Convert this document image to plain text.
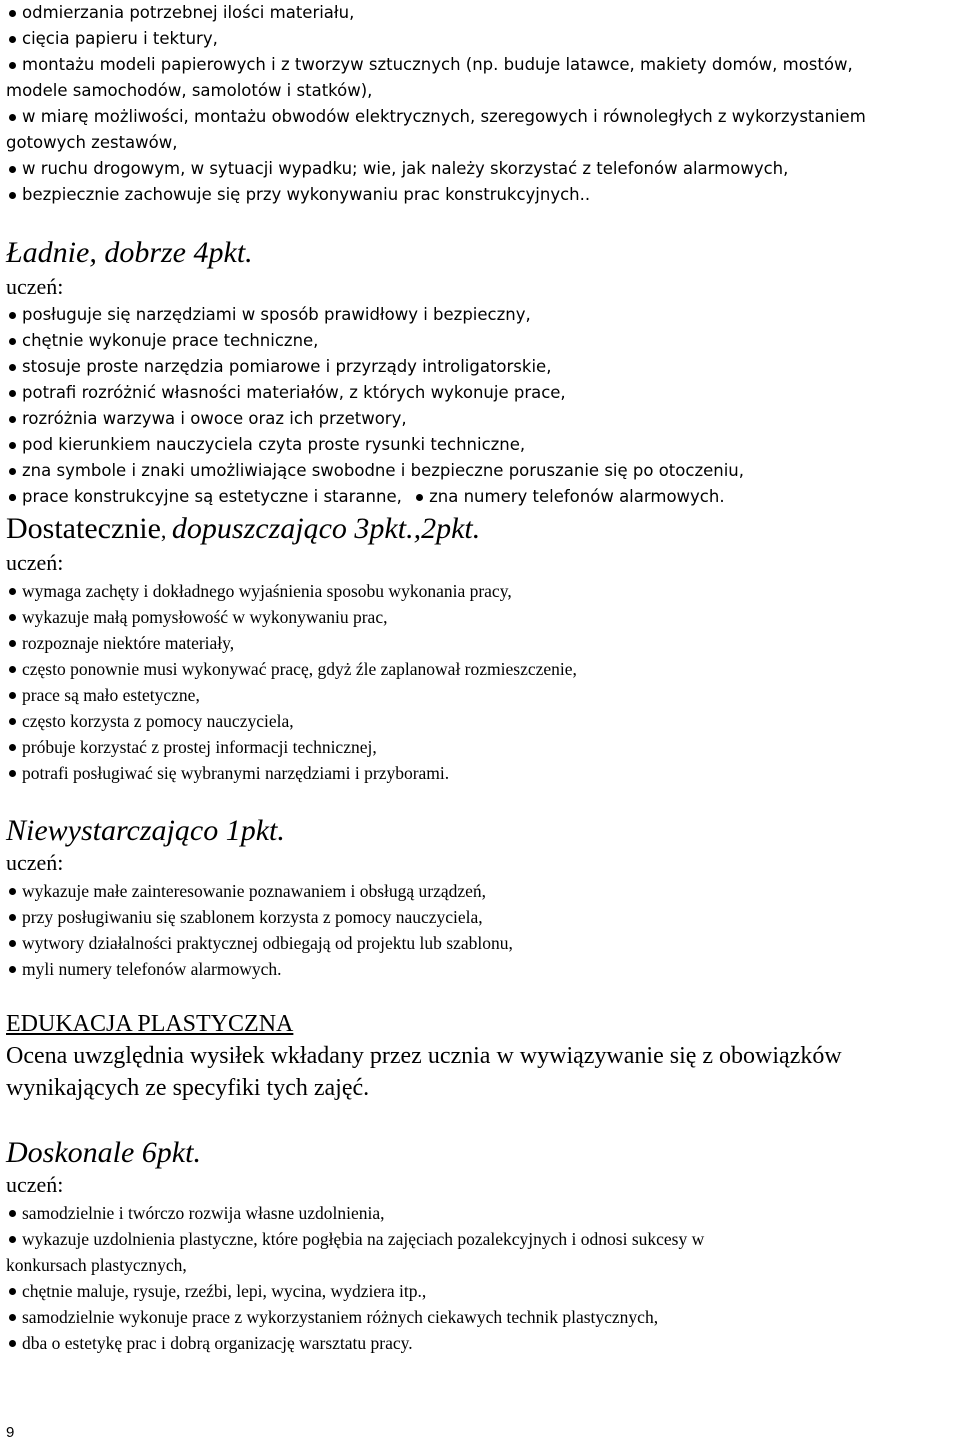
odmierzania potrzebnej ilości materiału,

cięcia papieru i tektury,

montażu modeli papierowych i z tworzyw sztucznych (np. buduje latawce, makiety domów, mostów,

modele samochodów, samolotów i statków),

w miarę możliwości, montażu obwodów elektrycznych, szeregowych i równoległych z wykorzystaniem

gotowych zestawów,

w ruchu drogowym, w sytuacji wypadku; wie, jak należy skorzystać z telefonów alarmowych,

bezpiecznie zachowuje się przy wykonywaniu prac konstrukcyjnych..

Ładnie, dobrze 4pkt.

uczeń:

posługuje się narzędziami w sposób prawidłowy i bezpieczny,

chętnie wykonuje prace techniczne,

stosuje proste narzędzia pomiarowe i przyrządy introligatorskie,

potrafi rozróżnić własności materiałów, z których wykonuje prace,

rozróżnia warzywa i owoce oraz ich przetwory,

pod kierunkiem nauczyciela czyta proste rysunki techniczne,

zna symbole i znaki umożliwiające swobodne i bezpieczne poruszanie się po otoczeniu,

prace konstrukcyjne są estetyczne i staranne, zna numery telefonów alarmowych.

Dostatecznie, dopuszczająco 3pkt.,2pkt.

uczeń:

wymaga zachęty i dokładnego wyjaśnienia sposobu wykonania pracy,

wykazuje małą pomysłowość w wykonywaniu prac,

rozpoznaje niektóre materiały,

często ponownie musi wykonywać pracę, gdyż źle zaplanował rozmieszczenie,

prace są mało estetyczne,

często korzysta z pomocy nauczyciela,

próbuje korzystać z prostej informacji technicznej,

potrafi posługiwać się wybranymi narzędziami i przyborami.

Niewystarczająco 1pkt.

uczeń:

wykazuje małe zainteresowanie poznawaniem i obsługą urządzeń,

przy posługiwaniu się szablonem korzysta z pomocy nauczyciela,

wytwory działalności praktycznej odbiegają od projektu lub szablonu,

myli numery telefonów alarmowych.

EDUKACJA PLASTYCZNA

Ocena uwzględnia wysiłek wkładany przez ucznia w wywiązywanie się z obowiązków

wynikających ze specyfiki tych zajęć.

Doskonale 6pkt.

uczeń:

samodzielnie i twórczo rozwija własne uzdolnienia,

wykazuje uzdolnienia plastyczne, które pogłębia na zajęciach pozalekcyjnych i odnosi sukcesy w

konkursach plastycznych,

chętnie maluje, rysuje, rzeźbi, lepi, wycina, wydziera itp.,

samodzielnie wykonuje prace z wykorzystaniem różnych ciekawych technik plastycznych,

dba o estetykę prac i dobrą organizację warsztatu pracy.

9
